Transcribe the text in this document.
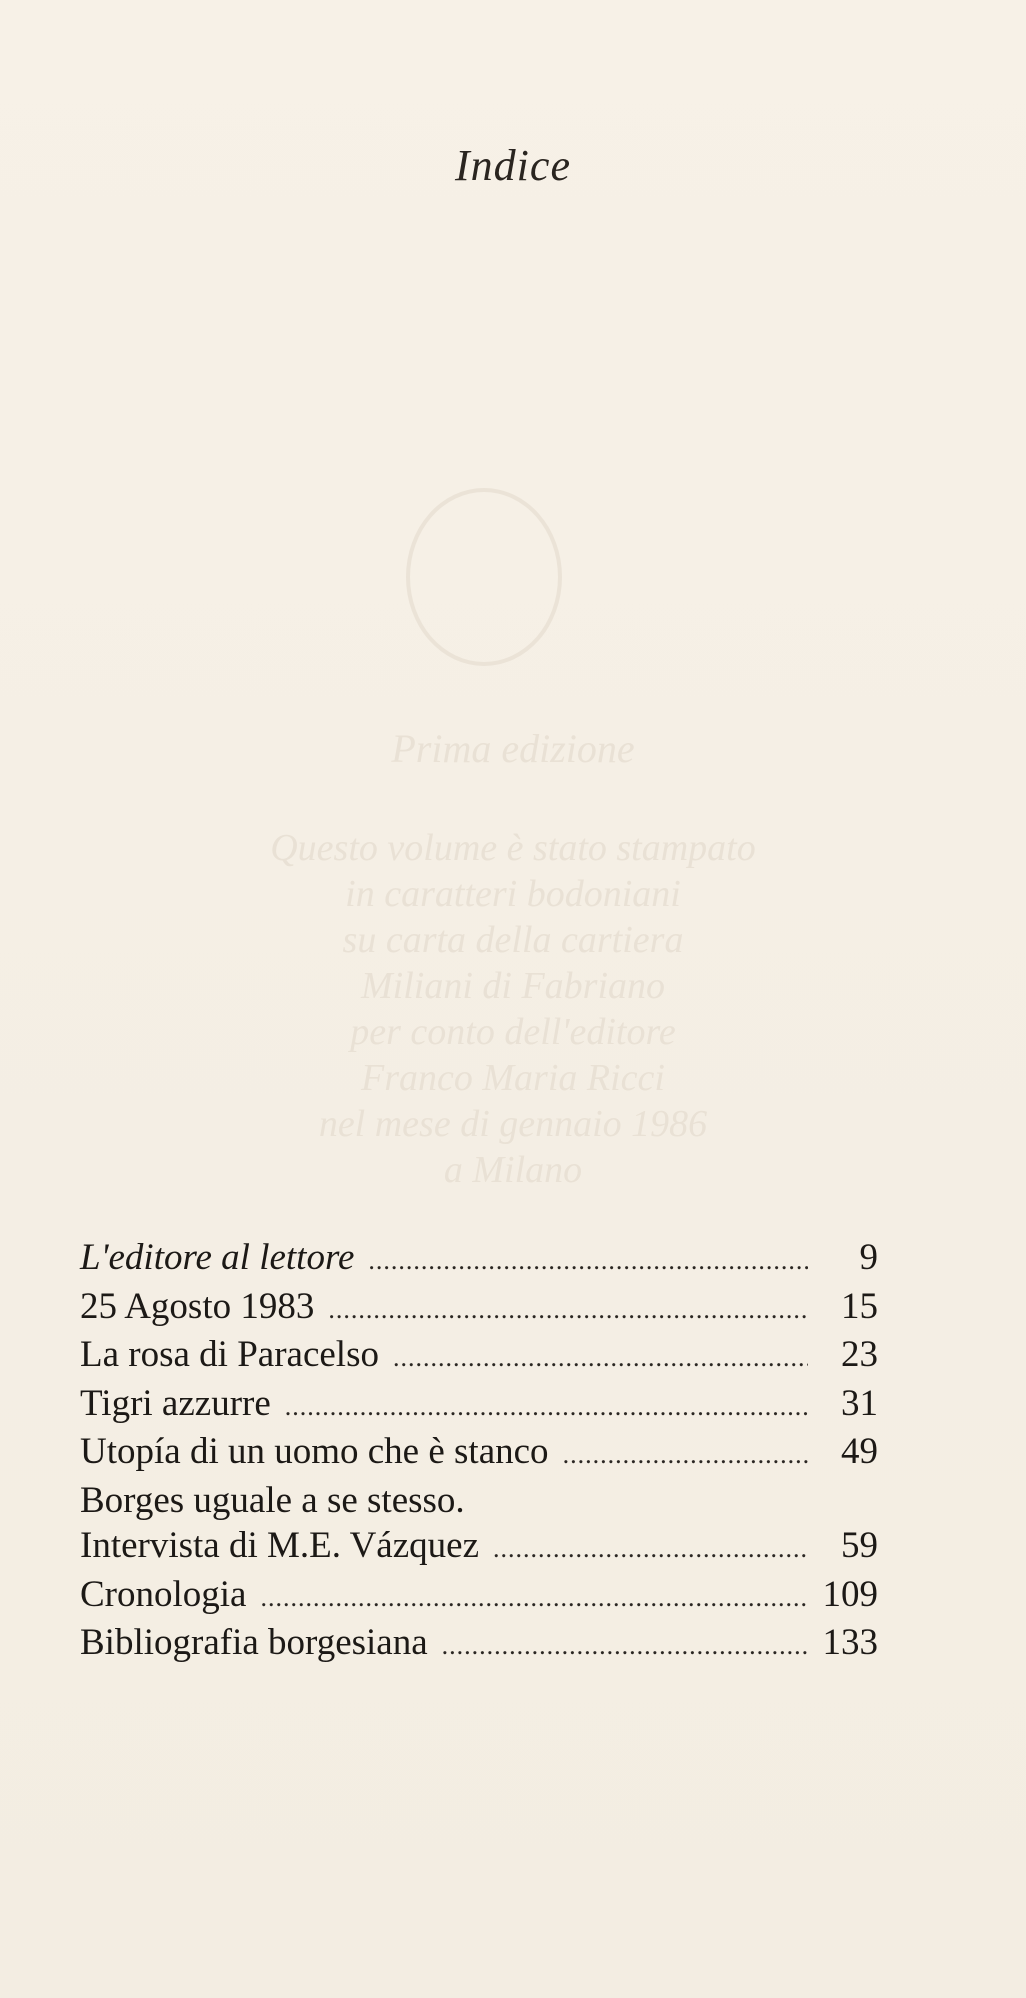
Indice
Prima edizione
Questo volume è stato stampato
in caratteri bodoniani
su carta della cartiera
Miliani di Fabriano
per conto dell'editore
Franco Maria Ricci
nel mese di gennaio 1986
a Milano
L'editore al lettore .....	9
25 Agosto 1983 .....	15
La rosa di Paracelso .....	23
Tigri azzurre .....	31
Utopía di un uomo che è stanco .....	49
Borges uguale a se stesso.
Intervista di M.E. Vázquez .....	59
Cronologia .....	109
Bibliografia borgesiana .....	133
